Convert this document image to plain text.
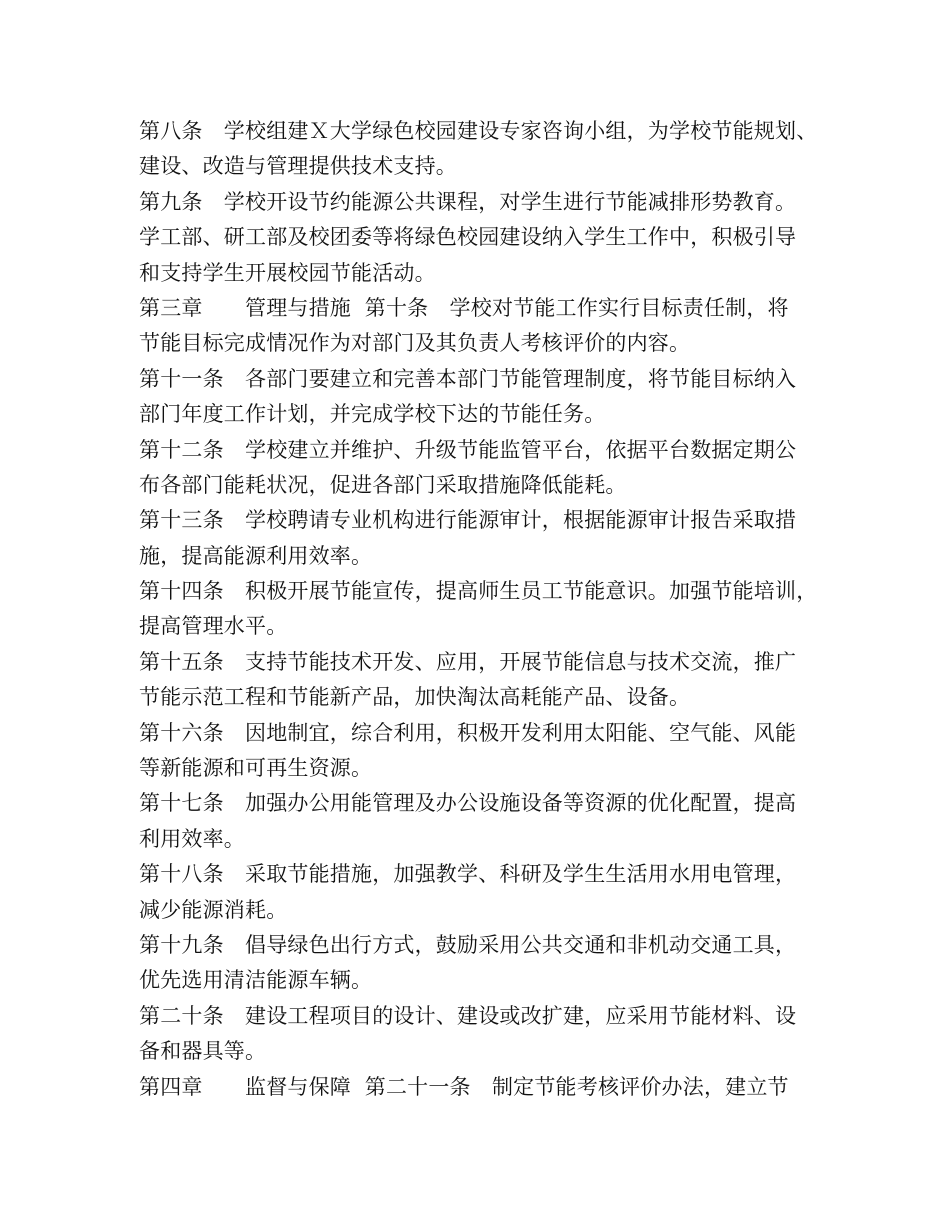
第八条　学校组建Ｘ大学绿色校园建设专家咨询小组，为学校节能规划、
建设、改造与管理提供技术支持。
第九条　学校开设节约能源公共课程，对学生进行节能减排形势教育。
学工部、研工部及校团委等将绿色校园建设纳入学生工作中，积极引导
和支持学生开展校园节能活动。
第三章　　管理与措施  第十条　学校对节能工作实行目标责任制，将
节能目标完成情况作为对部门及其负责人考核评价的内容。
第十一条　各部门要建立和完善本部门节能管理制度，将节能目标纳入
部门年度工作计划，并完成学校下达的节能任务。
第十二条　学校建立并维护、升级节能监管平台，依据平台数据定期公
布各部门能耗状况，促进各部门采取措施降低能耗。
第十三条　学校聘请专业机构进行能源审计，根据能源审计报告采取措
施，提高能源利用效率。
第十四条　积极开展节能宣传，提高师生员工节能意识。加强节能培训，
提高管理水平。
第十五条　支持节能技术开发、应用，开展节能信息与技术交流，推广
节能示范工程和节能新产品，加快淘汰高耗能产品、设备。
第十六条　因地制宜，综合利用，积极开发利用太阳能、空气能、风能
等新能源和可再生资源。
第十七条　加强办公用能管理及办公设施设备等资源的优化配置，提高
利用效率。
第十八条　采取节能措施，加强教学、科研及学生生活用水用电管理，
减少能源消耗。
第十九条　倡导绿色出行方式，鼓励采用公共交通和非机动交通工具，
优先选用清洁能源车辆。
第二十条　建设工程项目的设计、建设或改扩建，应采用节能材料、设
备和器具等。
第四章　　监督与保障  第二十一条　制定节能考核评价办法，建立节
